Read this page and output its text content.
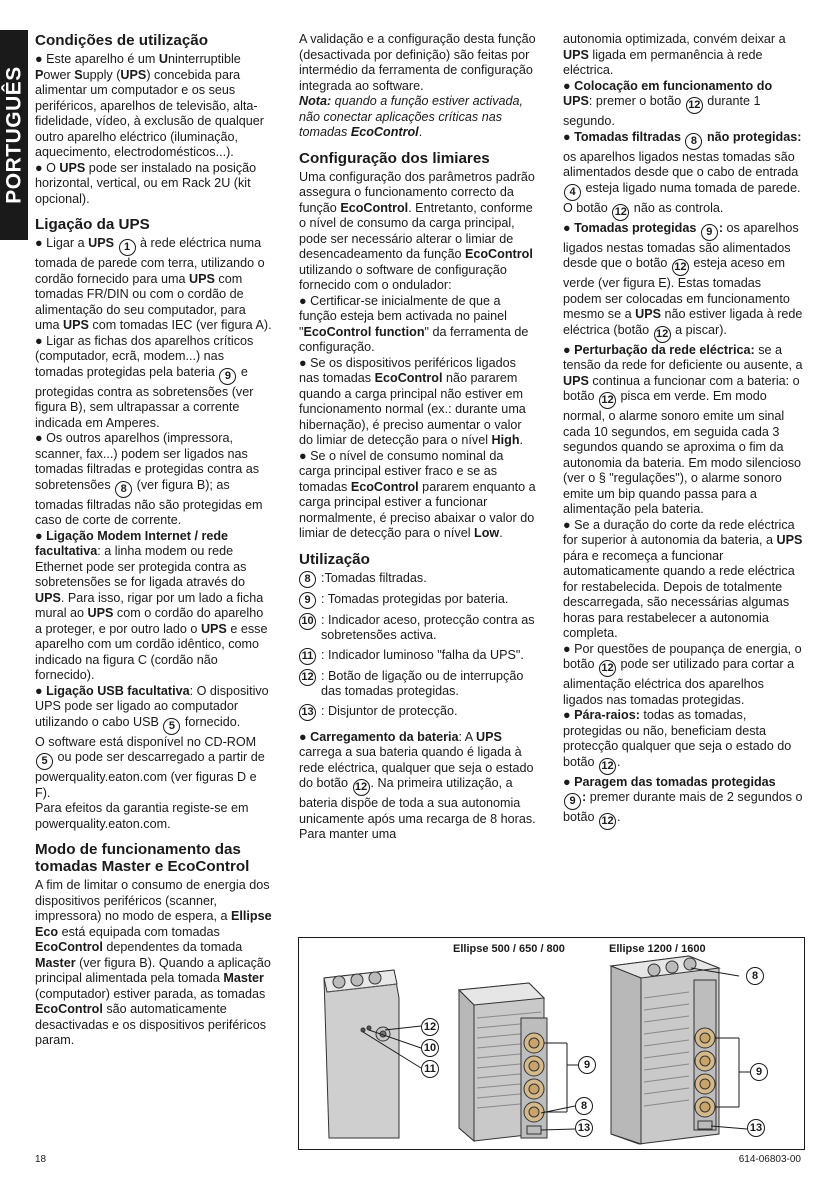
PORTUGUÊS
Condições de utilização

● Este aparelho é um Uninterruptible Power Supply (UPS) concebida para alimentar um computador e os seus periféricos, aparelhos de televisão, alta-fidelidade, vídeo, à exclusão de qualquer outro aparelho eléctrico (iluminação, aquecimento, electrodomésticos...).

● O UPS pode ser instalado na posição horizontal, vertical, ou em Rack 2U (kit opcional).

Ligação da UPS

● Ligar a UPS 1 à rede eléctrica numa tomada de parede com terra, utilizando o cordão fornecido para uma UPS com tomadas FR/DIN ou com o cordão de alimentação do seu computador, para uma UPS com tomadas IEC (ver figura A).

● Ligar as fichas dos aparelhos críticos (computador, ecrã, modem...) nas tomadas protegidas pela bateria 9 e protegidas contra as sobretensões (ver figura B), sem ultrapassar a corrente indicada em Amperes.

● Os outros aparelhos (impressora, scanner, fax...) podem ser ligados nas tomadas filtradas e protegidas contra as sobretensões 8 (ver figura B); as tomadas filtradas não são protegidas em caso de corte de corrente.

● Ligação Modem Internet / rede facultativa: a linha modem ou rede Ethernet pode ser protegida contra as sobretensões se for ligada através do UPS. Para isso, rigar por um lado a ficha mural ao UPS com o cordão do aparelho a proteger, e por outro lado o UPS e esse aparelho com um cordão idêntico, como indicado na figura C (cordão não fornecido).

● Ligação USB facultativa: O dispositivo UPS pode ser ligado ao computador utilizando o cabo USB 5 fornecido.

O software está disponível no CD-ROM 5 ou pode ser descarregado a partir de powerquality.eaton.com (ver figuras D e F).

Para efeitos da garantia registe-se em powerquality.eaton.com.

Modo de funcionamento das tomadas Master e EcoControl

A fim de limitar o consumo de energia dos dispositivos periféricos (scanner, impressora) no modo de espera, a Ellipse Eco está equipada com tomadas EcoControl dependentes da tomada Master (ver figura B). Quando a aplicação principal alimentada pela tomada Master (computador) estiver parada, as tomadas EcoControl são automaticamente desactivadas e os dispositivos periféricos param.

A validação e a configuração desta função (desactivada por definição) são feitas por intermédio da ferramenta de configuração integrada ao software.

Nota: quando a função estiver activada, não conectar aplicações críticas nas tomadas EcoControl.

Configuração dos limiares

Uma configuração dos parâmetros padrão assegura o funcionamento correcto da função EcoControl. Entretanto, conforme o nível de consumo da carga principal, pode ser necessário alterar o limiar de desencadeamento da função EcoControl utilizando o software de configuração fornecido com o ondulador:

● Certificar-se inicialmente de que a função esteja bem activada no painel "EcoControl function" da ferramenta de configuração.

● Se os dispositivos periféricos ligados nas tomadas EcoControl não pararem quando a carga principal não estiver em funcionamento normal (ex.: durante uma hibernação), é preciso aumentar o valor do limiar de detecção para o nível High.

● Se o nível de consumo nominal da carga principal estiver fraco e se as tomadas EcoControl pararem enquanto a carga principal estiver a funcionar normalmente, é preciso abaixar o valor do limiar de detecção para o nível Low.

Utilização
8 :Tomadas filtradas.
9 : Tomadas protegidas por bateria.
10 : Indicador aceso, protecção contra as sobretensões activa.
11 : Indicador luminoso "falha da UPS".
12 : Botão de ligação ou de interrupção das tomadas protegidas.
13 : Disjuntor de protecção.

● Carregamento da bateria: A UPS carrega a sua bateria quando é ligada à rede eléctrica, qualquer que seja o estado do botão 12 . Na primeira utilização, a bateria dispõe de toda a sua autonomia unicamente após uma recarga de 8 horas. Para manter uma

autonomia optimizada, convém deixar a UPS ligada em permanência à rede eléctrica.

● Colocação em funcionamento do UPS: premer o botão 12 durante 1 segundo.

● Tomadas filtradas 8 não protegidas: os aparelhos ligados nestas tomadas são alimentados desde que o cabo de entrada 4 esteja ligado numa tomada de parede. O botão 12 não as controla.

● Tomadas protegidas 9 : os aparelhos ligados nestas tomadas são alimentados desde que o botão 12 esteja aceso em verde (ver figura E). Estas tomadas podem ser colocadas em funcionamento mesmo se a UPS não estiver ligada à rede eléctrica (botão 12 a piscar).

● Perturbação da rede eléctrica: se a tensão da rede for deficiente ou ausente, a UPS continua a funcionar com a bateria: o botão 12 pisca em verde. Em modo normal, o alarme sonoro emite um sinal cada 10 segundos, em seguida cada 3 segundos quando se aproxima o fim da autonomia da bateria. Em modo silencioso (ver o § "regulações"), o alarme sonoro emite um bip quando passa para a alimentação pela bateria.

● Se a duração do corte da rede eléctrica for superior à autonomia da bateria, a UPS pára e recomeça a funcionar automaticamente quando a rede eléctrica for restabelecida. Depois de totalmente descarregada, são necessárias algumas horas para restabelecer a autonomia completa.

● Por questões de poupança de energia, o botão 12 pode ser utilizado para cortar a alimentação eléctrica dos aparelhos ligados nas tomadas protegidas.

● Pára-raios: todas as tomadas, protegidas ou não, beneficiam desta protecção qualquer que seja o estado do botão 12 .

● Paragem das tomadas protegidas
9 : premer durante mais de 2 segundos o botão 12 .

Ellipse 500 / 650 / 800	Ellipse 1200 / 1600
12
10
11	9
8
13
8
9
13
18	614-06803-00
